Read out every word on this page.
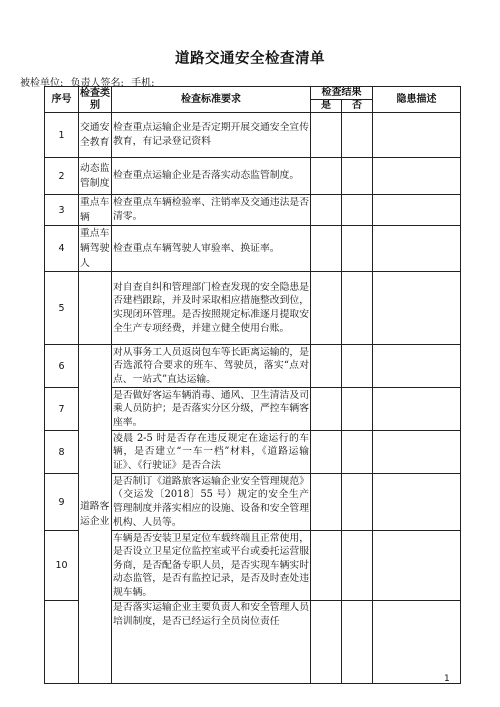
道路交通安全检查清单
被检单位: 负责人签名: 手机:
序号	检查类别	检查标准要求	检查结果		隐患描述
			是	否	
1	交通安全教育	检查重点运输企业是否定期开展交通安全宣传教育，有记录登记资料			
2	动态监管制度	检查重点运输企业是否落实动态监管制度。			
3	重点车辆	检查重点车辆检验率、注销率及交通违法是否清零。			
4	重点车辆驾驶人	检查重点车辆驾驶人审验率、换证率。			
5		对自查自纠和管理部门检查发现的安全隐患是否建档跟踪，并及时采取相应措施整改到位，实现闭环管理。是否按照规定标准逐月提取安全生产专项经费，并建立健全使用台账。			
6	道路客运企业	对从事务工人员返岗包车等长距离运输的，是否选派符合要求的班车、驾驶员，落实“点对点、一站式”直达运输。			
7		是否做好客运车辆消毒、通风、卫生清洁及司乘人员防护；是否落实分区分级，严控车辆客座率。			
8		凌晨 2-5 时是否存在违反规定在途运行的车辆，是否建立“一车一档”材料，《道路运输证》、《行驶证》是否合法			
9		是否制订《道路旅客运输企业安全管理规范》（交运发〔2018〕55 号）规定的安全生产管理制度并落实相应的设施、设备和安全管理机构、人员等。			
10		车辆是否安装卫星定位车载终端且正常使用，是否设立卫星定位监控室或平台或委托运营服务商，是否配备专职人员，是否实现车辆实时动态监管，是否有监控记录，是否及时查处违规车辆。			
		是否落实运输企业主要负责人和安全管理人员培训制度，是否已经运行全员岗位责任			
1
